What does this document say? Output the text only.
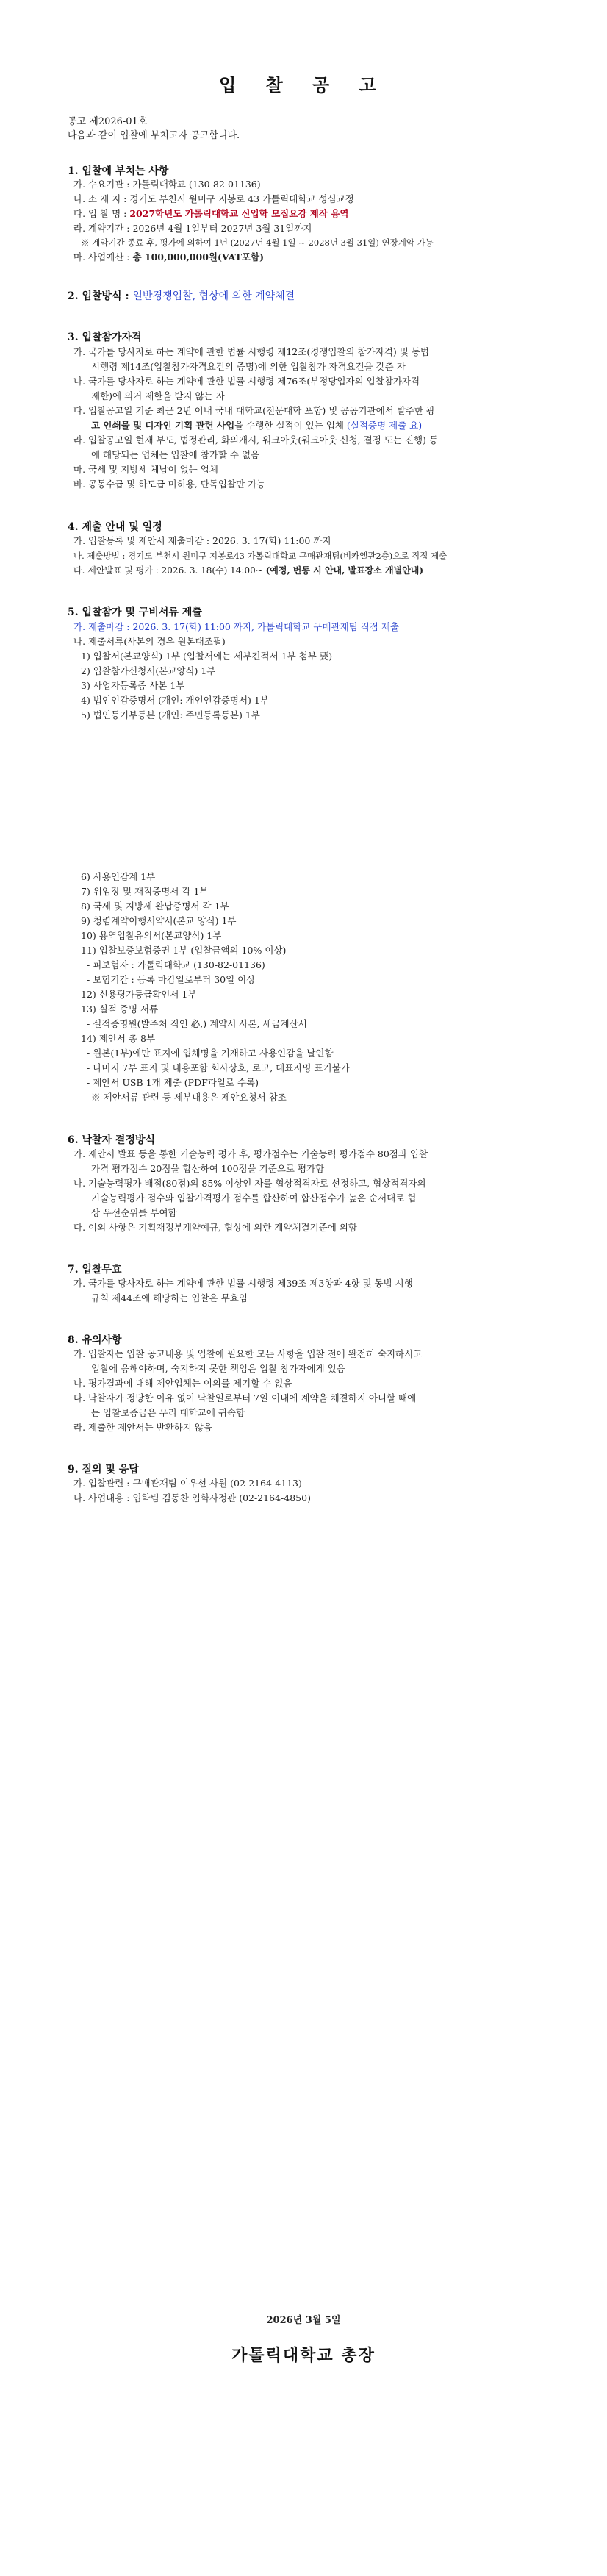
입 찰 공 고
공고 제2026-01호
다음과 같이 입찰에 부치고자 공고합니다.
1. 입찰에 부치는 사항
가. 수요기관 : 가톨릭대학교 (130-82-01136)
나. 소 재 지 : 경기도 부천시 원미구 지봉로 43 가톨릭대학교 성심교정
다. 입 찰 명 : 2027학년도 가톨릭대학교 신입학 모집요강 제작 용역
라. 계약기간 : 2026년 4월 1일부터 2027년 3월 31일까지
※ 계약기간 종료 후, 평가에 의하여 1년 (2027년 4월 1일 ~ 2028년 3월 31일) 연장계약 가능
마. 사업예산 : 총 100,000,000원(VAT포함)
2. 입찰방식 : 일반경쟁입찰, 협상에 의한 계약체결
3. 입찰참가자격
가. 국가를 당사자로 하는 계약에 관한 법률 시행령 제12조(경쟁입찰의 참가자격) 및 동법
시행령 제14조(입찰참가자격요건의 증명)에 의한 입찰참가 자격요건을 갖춘 자
나. 국가를 당사자로 하는 계약에 관한 법률 시행령 제76조(부정당업자의 입찰참가자격
제한)에 의거 제한을 받지 않는 자
다. 입찰공고일 기준 최근 2년 이내 국내 대학교(전문대학 포함) 및 공공기관에서 발주한 광
고 인쇄물 및 디자인 기획 관련 사업을 수행한 실적이 있는 업체 (실적증명 제출 요)
라. 입찰공고일 현재 부도, 법정관리, 화의개시, 워크아웃(워크아웃 신청, 결정 또는 진행) 등
에 해당되는 업체는 입찰에 참가할 수 없음
마. 국세 및 지방세 체납이 없는 업체
바. 공동수급 및 하도급 미허용, 단독입찰만 가능
4. 제출 안내 및 일정
가. 입찰등록 및 제안서 제출마감 : 2026. 3. 17(화) 11:00 까지
나. 제출방법 : 경기도 부천시 원미구 지봉로43 가톨릭대학교 구매관재팀(비카엘관2층)으로 직접 제출
다. 제안발표 및 평가 : 2026. 3. 18(수) 14:00~ (예정, 변동 시 안내, 발표장소 개별안내)
5. 입찰참가 및 구비서류 제출
가. 제출마감 : 2026. 3. 17(화) 11:00 까지, 가톨릭대학교 구매관재팀 직접 제출
나. 제출서류(사본의 경우 원본대조필)
1) 입찰서(본교양식) 1부 (입찰서에는 세부견적서 1부 첨부 要)
2) 입찰참가신청서(본교양식) 1부
3) 사업자등록증 사본 1부
4) 법인인감증명서 (개인: 개인인감증명서) 1부
5) 법인등기부등본 (개인: 주민등록등본) 1부
6) 사용인감계 1부
7) 위임장 및 재직증명서 각 1부
8) 국세 및 지방세 완납증명서 각 1부
9) 청렴계약이행서약서(본교 양식) 1부
10) 용역입찰유의서(본교양식) 1부
11) 입찰보증보험증권 1부 (입찰금액의 10% 이상)
- 피보험자 : 가톨릭대학교 (130-82-01136)
- 보험기간 : 등록 마감일로부터 30일 이상
12) 신용평가등급확인서 1부
13) 실적 증명 서류
- 실적증명원(발주처 직인 必,) 계약서 사본, 세금계산서
14) 제안서 총 8부
- 원본(1부)에만 표지에 업체명을 기재하고 사용인감을 날인함
- 나머지 7부 표지 및 내용포함 회사상호, 로고, 대표자명 표기불가
- 제안서 USB 1개 제출 (PDF파일로 수록)
※ 제안서류 관련 등 세부내용은 제안요청서 참조
6. 낙찰자 결정방식
가. 제안서 발표 등을 통한 기술능력 평가 후, 평가점수는 기술능력 평가점수 80점과 입찰
가격 평가점수 20점을 합산하여 100점을 기준으로 평가함
나. 기술능력평가 배점(80점)의 85% 이상인 자를 협상적격자로 선정하고, 협상적격자의
기술능력평가 점수와 입찰가격평가 점수를 합산하여 합산점수가 높은 순서대로 협
상 우선순위를 부여함
다. 이외 사항은 기획재정부계약예규, 협상에 의한 계약체결기준에 의함
7. 입찰무효
가. 국가를 당사자로 하는 계약에 관한 법률 시행령 제39조 제3항과 4항 및 동법 시행
규칙 제44조에 해당하는 입찰은 무효임
8. 유의사항
가. 입찰자는 입찰 공고내용 및 입찰에 필요한 모든 사항을 입찰 전에 완전히 숙지하시고
입찰에 응해야하며, 숙지하지 못한 책임은 입찰 참가자에게 있음
나. 평가결과에 대해 제안업체는 이의를 제기할 수 없음
다. 낙찰자가 정당한 이유 없이 낙찰일로부터 7일 이내에 계약을 체결하지 아니할 때에
는 입찰보증금은 우리 대학교에 귀속함
라. 제출한 제안서는 반환하지 않음
9. 질의 및 응답
가. 입찰관련 : 구매관재팀 이우선 사원 (02-2164-4113)
나. 사업내용 : 입학팀 김동찬 입학사정관 (02-2164-4850)
2026년 3월 5일
가톨릭대학교 총장
